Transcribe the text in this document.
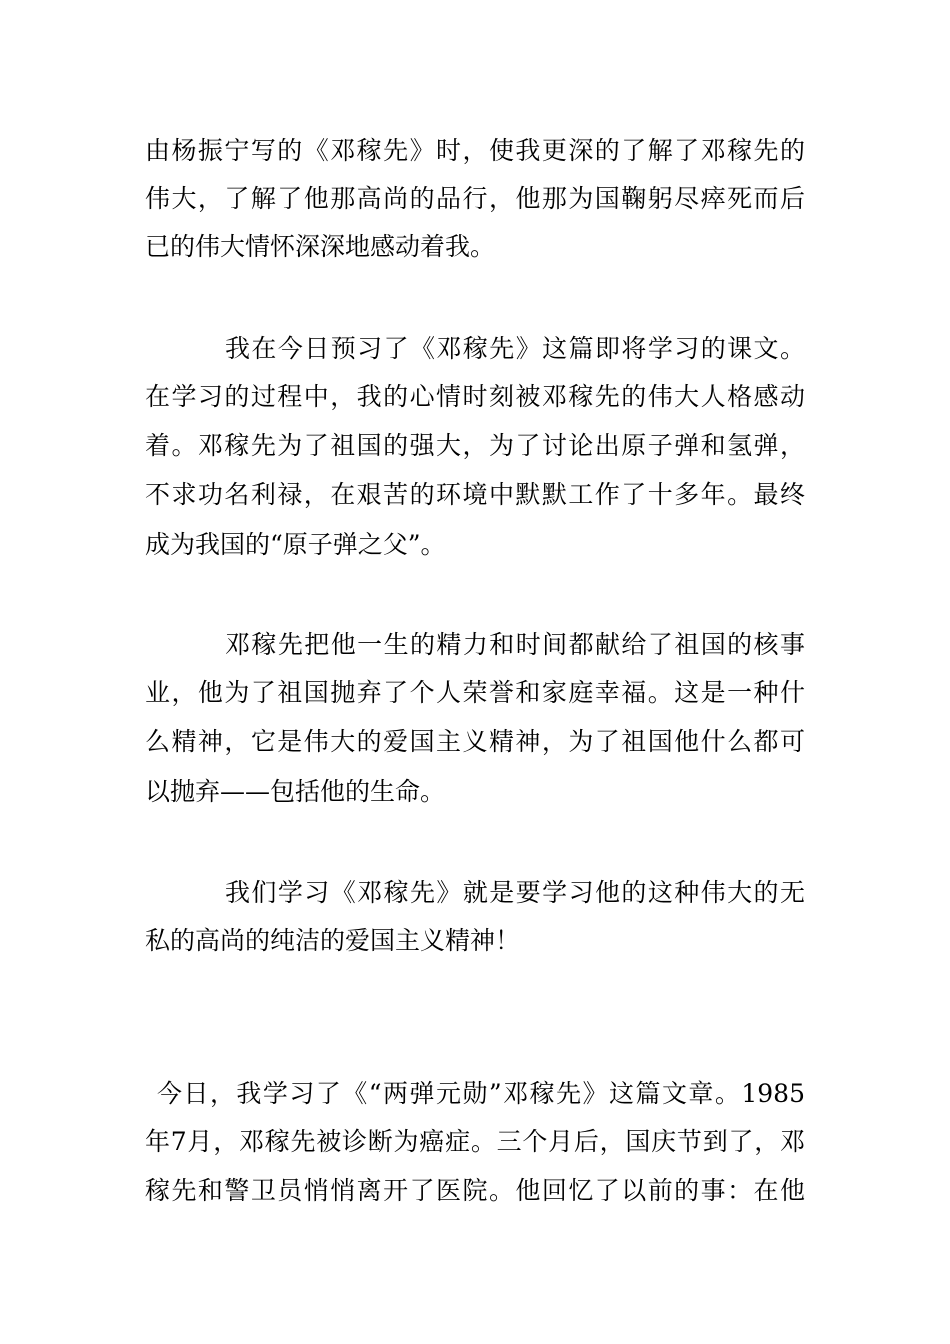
由杨振宁写的《邓稼先》时，使我更深的了解了邓稼先的
伟大，了解了他那高尚的品行，他那为国鞠躬尽瘁死而后
已的伟大情怀深深地感动着我。
我在今日预习了《邓稼先》这篇即将学习的课文。
在学习的过程中，我的心情时刻被邓稼先的伟大人格感动
着。邓稼先为了祖国的强大，为了讨论出原子弹和氢弹，
不求功名利禄，在艰苦的环境中默默工作了十多年。最终
成为我国的“原子弹之父”。
邓稼先把他一生的精力和时间都献给了祖国的核事
业，他为了祖国抛弃了个人荣誉和家庭幸福。这是一种什
么精神，它是伟大的爱国主义精神，为了祖国他什么都可
以抛弃——包括他的生命。
我们学习《邓稼先》就是要学习他的这种伟大的无
私的高尚的纯洁的爱国主义精神！
今日，我学习了《“两弹元勋”邓稼先》这篇文章。1985
年7月，邓稼先被诊断为癌症。三个月后，国庆节到了，邓
稼先和警卫员悄悄离开了医院。他回忆了以前的事：在他
